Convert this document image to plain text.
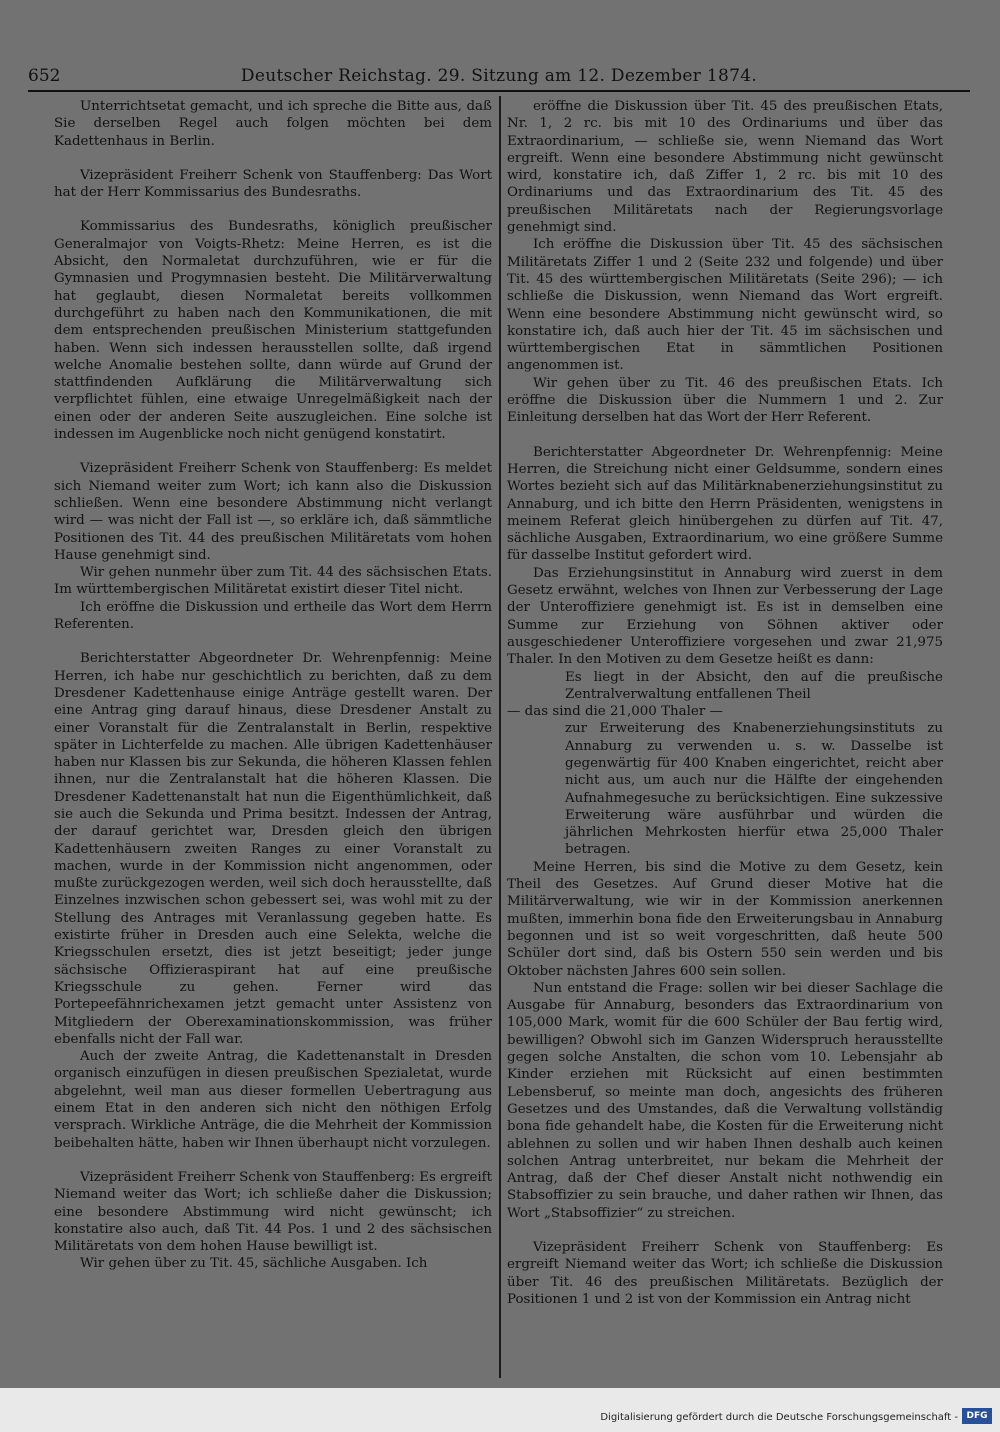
652	Deutscher Reichstag. 29. Sitzung am 12. Dezember 1874.

Unterrichtsetat gemacht, und ich spreche die Bitte aus, daß Sie derselben Regel auch folgen möchten bei dem Kadettenhaus in Berlin.

Vizepräsident Freiherr Schenk von Stauffenberg: Das Wort hat der Herr Kommissarius des Bundesraths.

Kommissarius des Bundesraths, königlich preußischer Generalmajor von Voigts-Rhetz: Meine Herren, es ist die Absicht, den Normaletat durchzuführen, wie er für die Gymnasien und Progymnasien besteht. Die Militärverwaltung hat geglaubt, diesen Normaletat bereits vollkommen durchgeführt zu haben nach den Kommunikationen, die mit dem entsprechenden preußischen Ministerium stattgefunden haben. Wenn sich indessen herausstellen sollte, daß irgend welche Anomalie bestehen sollte, dann würde auf Grund der stattfindenden Aufklärung die Militärverwaltung sich verpflichtet fühlen, eine etwaige Unregelmäßigkeit nach der einen oder der anderen Seite auszugleichen. Eine solche ist indessen im Augenblicke noch nicht genügend konstatirt.

Vizepräsident Freiherr Schenk von Stauffenberg: Es meldet sich Niemand weiter zum Wort; ich kann also die Diskussion schließen. Wenn eine besondere Abstimmung nicht verlangt wird — was nicht der Fall ist —, so erkläre ich, daß sämmtliche Positionen des Tit. 44 des preußischen Militäretats vom hohen Hause genehmigt sind.

Wir gehen nunmehr über zum Tit. 44 des sächsischen Etats. Im württembergischen Militäretat existirt dieser Titel nicht.

Ich eröffne die Diskussion und ertheile das Wort dem Herrn Referenten.

Berichterstatter Abgeordneter Dr. Wehrenpfennig: Meine Herren, ich habe nur geschichtlich zu berichten, daß zu dem Dresdener Kadettenhause einige Anträge gestellt waren. Der eine Antrag ging darauf hinaus, diese Dresdener Anstalt zu einer Voranstalt für die Zentralanstalt in Berlin, respektive später in Lichterfelde zu machen. Alle übrigen Kadettenhäuser haben nur Klassen bis zur Sekunda, die höheren Klassen fehlen ihnen, nur die Zentralanstalt hat die höheren Klassen. Die Dresdener Kadettenanstalt hat nun die Eigenthümlichkeit, daß sie auch die Sekunda und Prima besitzt. Indessen der Antrag, der darauf gerichtet war, Dresden gleich den übrigen Kadettenhäusern zweiten Ranges zu einer Voranstalt zu machen, wurde in der Kommission nicht angenommen, oder mußte zurückgezogen werden, weil sich doch herausstellte, daß Einzelnes inzwischen schon gebessert sei, was wohl mit zu der Stellung des Antrages mit Veranlassung gegeben hatte. Es existirte früher in Dresden auch eine Selekta, welche die Kriegsschulen ersetzt, dies ist jetzt beseitigt; jeder junge sächsische Offizieraspirant hat auf eine preußische Kriegsschule zu gehen. Ferner wird das Portepeefähnrichexamen jetzt gemacht unter Assistenz von Mitgliedern der Oberexaminationskommission, was früher ebenfalls nicht der Fall war.

Auch der zweite Antrag, die Kadettenanstalt in Dresden organisch einzufügen in diesen preußischen Spezialetat, wurde abgelehnt, weil man aus dieser formellen Uebertragung aus einem Etat in den anderen sich nicht den nöthigen Erfolg versprach. Wirkliche Anträge, die die Mehrheit der Kommission beibehalten hätte, haben wir Ihnen überhaupt nicht vorzulegen.

Vizepräsident Freiherr Schenk von Stauffenberg: Es ergreift Niemand weiter das Wort; ich schließe daher die Diskussion; eine besondere Abstimmung wird nicht gewünscht; ich konstatire also auch, daß Tit. 44 Pos. 1 und 2 des sächsischen Militäretats von dem hohen Hause bewilligt ist.

Wir gehen über zu Tit. 45, sächliche Ausgaben. Ich

eröffne die Diskussion über Tit. 45 des preußischen Etats, Nr. 1, 2 rc. bis mit 10 des Ordinariums und über das Extraordinarium, — schließe sie, wenn Niemand das Wort ergreift. Wenn eine besondere Abstimmung nicht gewünscht wird, konstatire ich, daß Ziffer 1, 2 rc. bis mit 10 des Ordinariums und das Extraordinarium des Tit. 45 des preußischen Militäretats nach der Regierungsvorlage genehmigt sind.

Ich eröffne die Diskussion über Tit. 45 des sächsischen Militäretats Ziffer 1 und 2 (Seite 232 und folgende) und über Tit. 45 des württembergischen Militäretats (Seite 296); — ich schließe die Diskussion, wenn Niemand das Wort ergreift. Wenn eine besondere Abstimmung nicht gewünscht wird, so konstatire ich, daß auch hier der Tit. 45 im sächsischen und württembergischen Etat in sämmtlichen Positionen angenommen ist.

Wir gehen über zu Tit. 46 des preußischen Etats. Ich eröffne die Diskussion über die Nummern 1 und 2. Zur Einleitung derselben hat das Wort der Herr Referent.

Berichterstatter Abgeordneter Dr. Wehrenpfennig: Meine Herren, die Streichung nicht einer Geldsumme, sondern eines Wortes bezieht sich auf das Militärknabenerziehungsinstitut zu Annaburg, und ich bitte den Herrn Präsidenten, wenigstens in meinem Referat gleich hinübergehen zu dürfen auf Tit. 47, sächliche Ausgaben, Extraordinarium, wo eine größere Summe für dasselbe Institut gefordert wird.

Das Erziehungsinstitut in Annaburg wird zuerst in dem Gesetz erwähnt, welches von Ihnen zur Verbesserung der Lage der Unteroffiziere genehmigt ist. Es ist in demselben eine Summe zur Erziehung von Söhnen aktiver oder ausgeschiedener Unteroffiziere vorgesehen und zwar 21,975 Thaler. In den Motiven zu dem Gesetze heißt es dann:

Es liegt in der Absicht, den auf die preußische Zentralverwaltung entfallenen Theil

— das sind die 21,000 Thaler —

zur Erweiterung des Knabenerziehungsinstituts zu Annaburg zu verwenden u. s. w. Dasselbe ist gegenwärtig für 400 Knaben eingerichtet, reicht aber nicht aus, um auch nur die Hälfte der eingehenden Aufnahmegesuche zu berücksichtigen. Eine sukzessive Erweiterung wäre ausführbar und würden die jährlichen Mehrkosten hierfür etwa 25,000 Thaler betragen.

Meine Herren, bis sind die Motive zu dem Gesetz, kein Theil des Gesetzes. Auf Grund dieser Motive hat die Militärverwaltung, wie wir in der Kommission anerkennen mußten, immerhin bona fide den Erweiterungsbau in Annaburg begonnen und ist so weit vorgeschritten, daß heute 500 Schüler dort sind, daß bis Ostern 550 sein werden und bis Oktober nächsten Jahres 600 sein sollen.

Nun entstand die Frage: sollen wir bei dieser Sachlage die Ausgabe für Annaburg, besonders das Extraordinarium von 105,000 Mark, womit für die 600 Schüler der Bau fertig wird, bewilligen? Obwohl sich im Ganzen Widerspruch herausstellte gegen solche Anstalten, die schon vom 10. Lebensjahr ab Kinder erziehen mit Rücksicht auf einen bestimmten Lebensberuf, so meinte man doch, angesichts des früheren Gesetzes und des Umstandes, daß die Verwaltung vollständig bona fide gehandelt habe, die Kosten für die Erweiterung nicht ablehnen zu sollen und wir haben Ihnen deshalb auch keinen solchen Antrag unterbreitet, nur bekam die Mehrheit der Antrag, daß der Chef dieser Anstalt nicht nothwendig ein Stabsoffizier zu sein brauche, und daher rathen wir Ihnen, das Wort „Stabsoffizier“ zu streichen.

Vizepräsident Freiherr Schenk von Stauffenberg: Es ergreift Niemand weiter das Wort; ich schließe die Diskussion über Tit. 46 des preußischen Militäretats. Bezüglich der Positionen 1 und 2 ist von der Kommission ein Antrag nicht

Digitalisierung gefördert durch die Deutsche Forschungsgemeinschaft - DFG
